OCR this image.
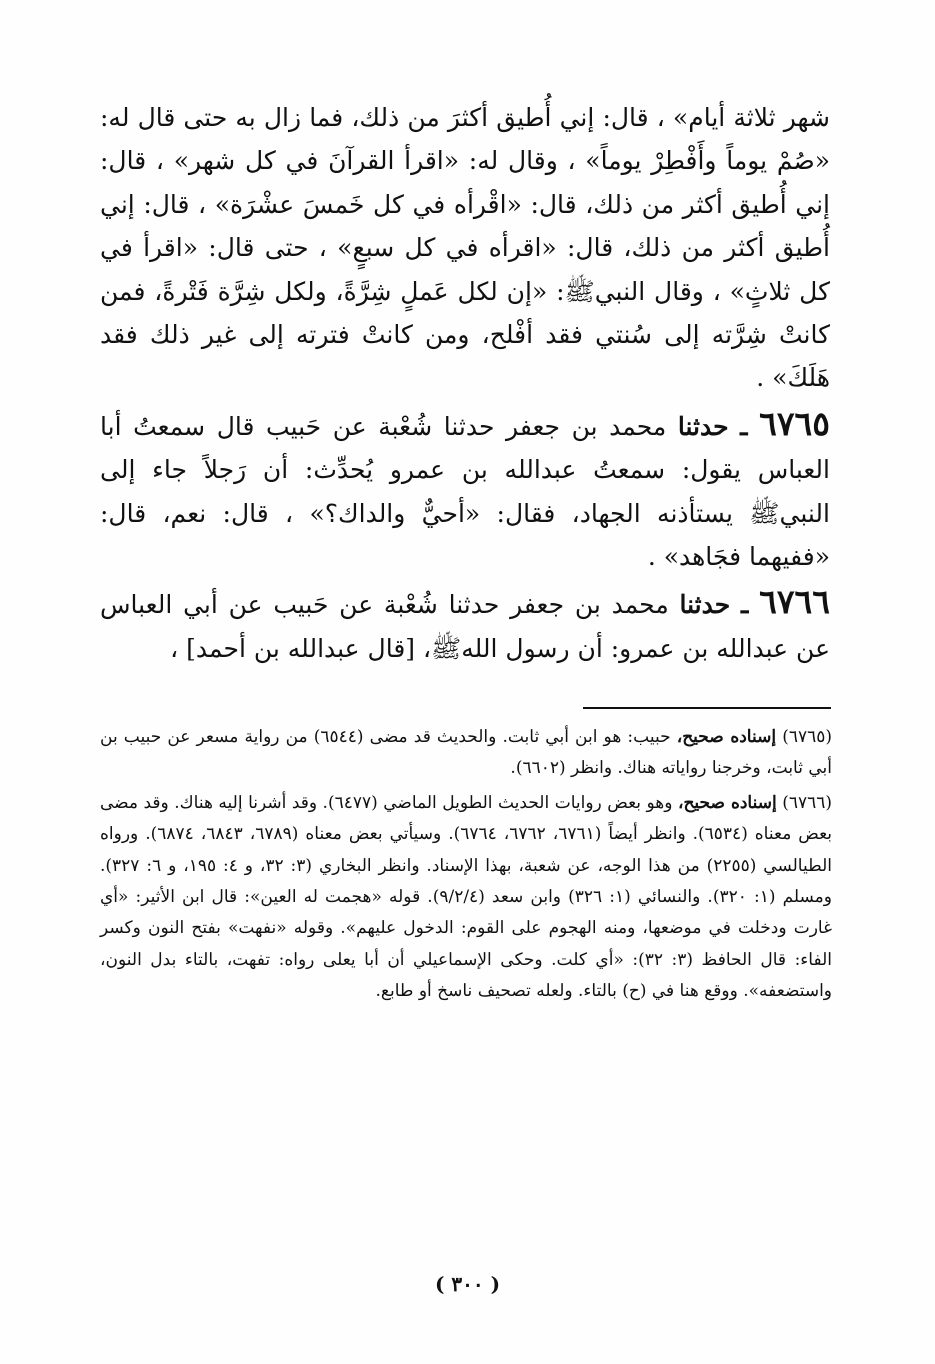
شهر ثلاثة أيام» ، قال: إني أُطيق أكثرَ من ذلك، فما زال به حتى قال له: «صُمْ يوماً وأَفْطِرْ يوماً» ، وقال له: «اقرأ القرآنَ في كل شهر» ، قال: إني أُطيق أكثر من ذلك، قال: «اقْرأه في كل خَمسَ عشْرَة» ، قال: إني أُطيق أكثر من ذلك، قال: «اقرأه في كل سبعٍ» ، حتى قال: «اقرأ في كل ثلاثٍ» ، وقال النبيﷺ: «إن لكل عَملٍ شِرَّةً، ولكل شِرَّة فَتْرةً، فمن كانتْ شِرَّته إلى سُنتي فقد أفْلح، ومن كانتْ فترته إلى غير ذلك فقد هَلَكَ» .

٦٧٦٥ ـ حدثنا محمد بن جعفر حدثنا شُعْبة عن حَبيب قال سمعتُ أبا العباس يقول: سمعتُ عبدالله بن عمرو يُحدِّث: أن رَجلاً جاء إلى النبيﷺ يستأذنه الجهاد، فقال: «أحيٌّ والداك؟» ، قال: نعم، قال: «ففيهما فجَاهد» .

٦٧٦٦ ـ حدثنا محمد بن جعفر حدثنا شُعْبة عن حَبيب عن أبي العباس عن عبدالله بن عمرو: أن رسول اللهﷺ، [قال عبدالله بن أحمد] ،

(٦٧٦٥) إسناده صحيح، حبيب: هو ابن أبي ثابت. والحديث قد مضى (٦٥٤٤) من رواية مسعر عن حبيب بن أبي ثابت، وخرجنا رواياته هناك. وانظر (٦٦٠٢).

(٦٧٦٦) إسناده صحيح، وهو بعض روايات الحديث الطويل الماضي (٦٤٧٧). وقد أشرنا إليه هناك. وقد مضى بعض معناه (٦٥٣٤). وانظر أيضاً (٦٧٦١، ٦٧٦٢، ٦٧٦٤). وسيأتي بعض معناه (٦٧٨٩، ٦٨٤٣، ٦٨٧٤). ورواه الطيالسي (٢٢٥٥) من هذا الوجه، عن شعبة، بهذا الإسناد. وانظر البخاري (٣: ٣٢، و ٤: ١٩٥، و ٦: ٣٢٧). ومسلم (١: ٣٢٠). والنسائي (١: ٣٢٦) وابن سعد (٩/٢/٤). قوله «هجمت له العين»: قال ابن الأثير: «أي غارت ودخلت في موضعها، ومنه الهجوم على القوم: الدخول عليهم». وقوله «نفهت» بفتح النون وكسر الفاء: قال الحافظ (٣: ٣٢): «أي كلت. وحكى الإسماعيلي أن أبا يعلى رواه: تفهت، بالتاء بدل النون، واستضعفه». ووقع هنا في (ح) بالتاء. ولعله تصحيف ناسخ أو طابع.

( ٣٠٠ )
